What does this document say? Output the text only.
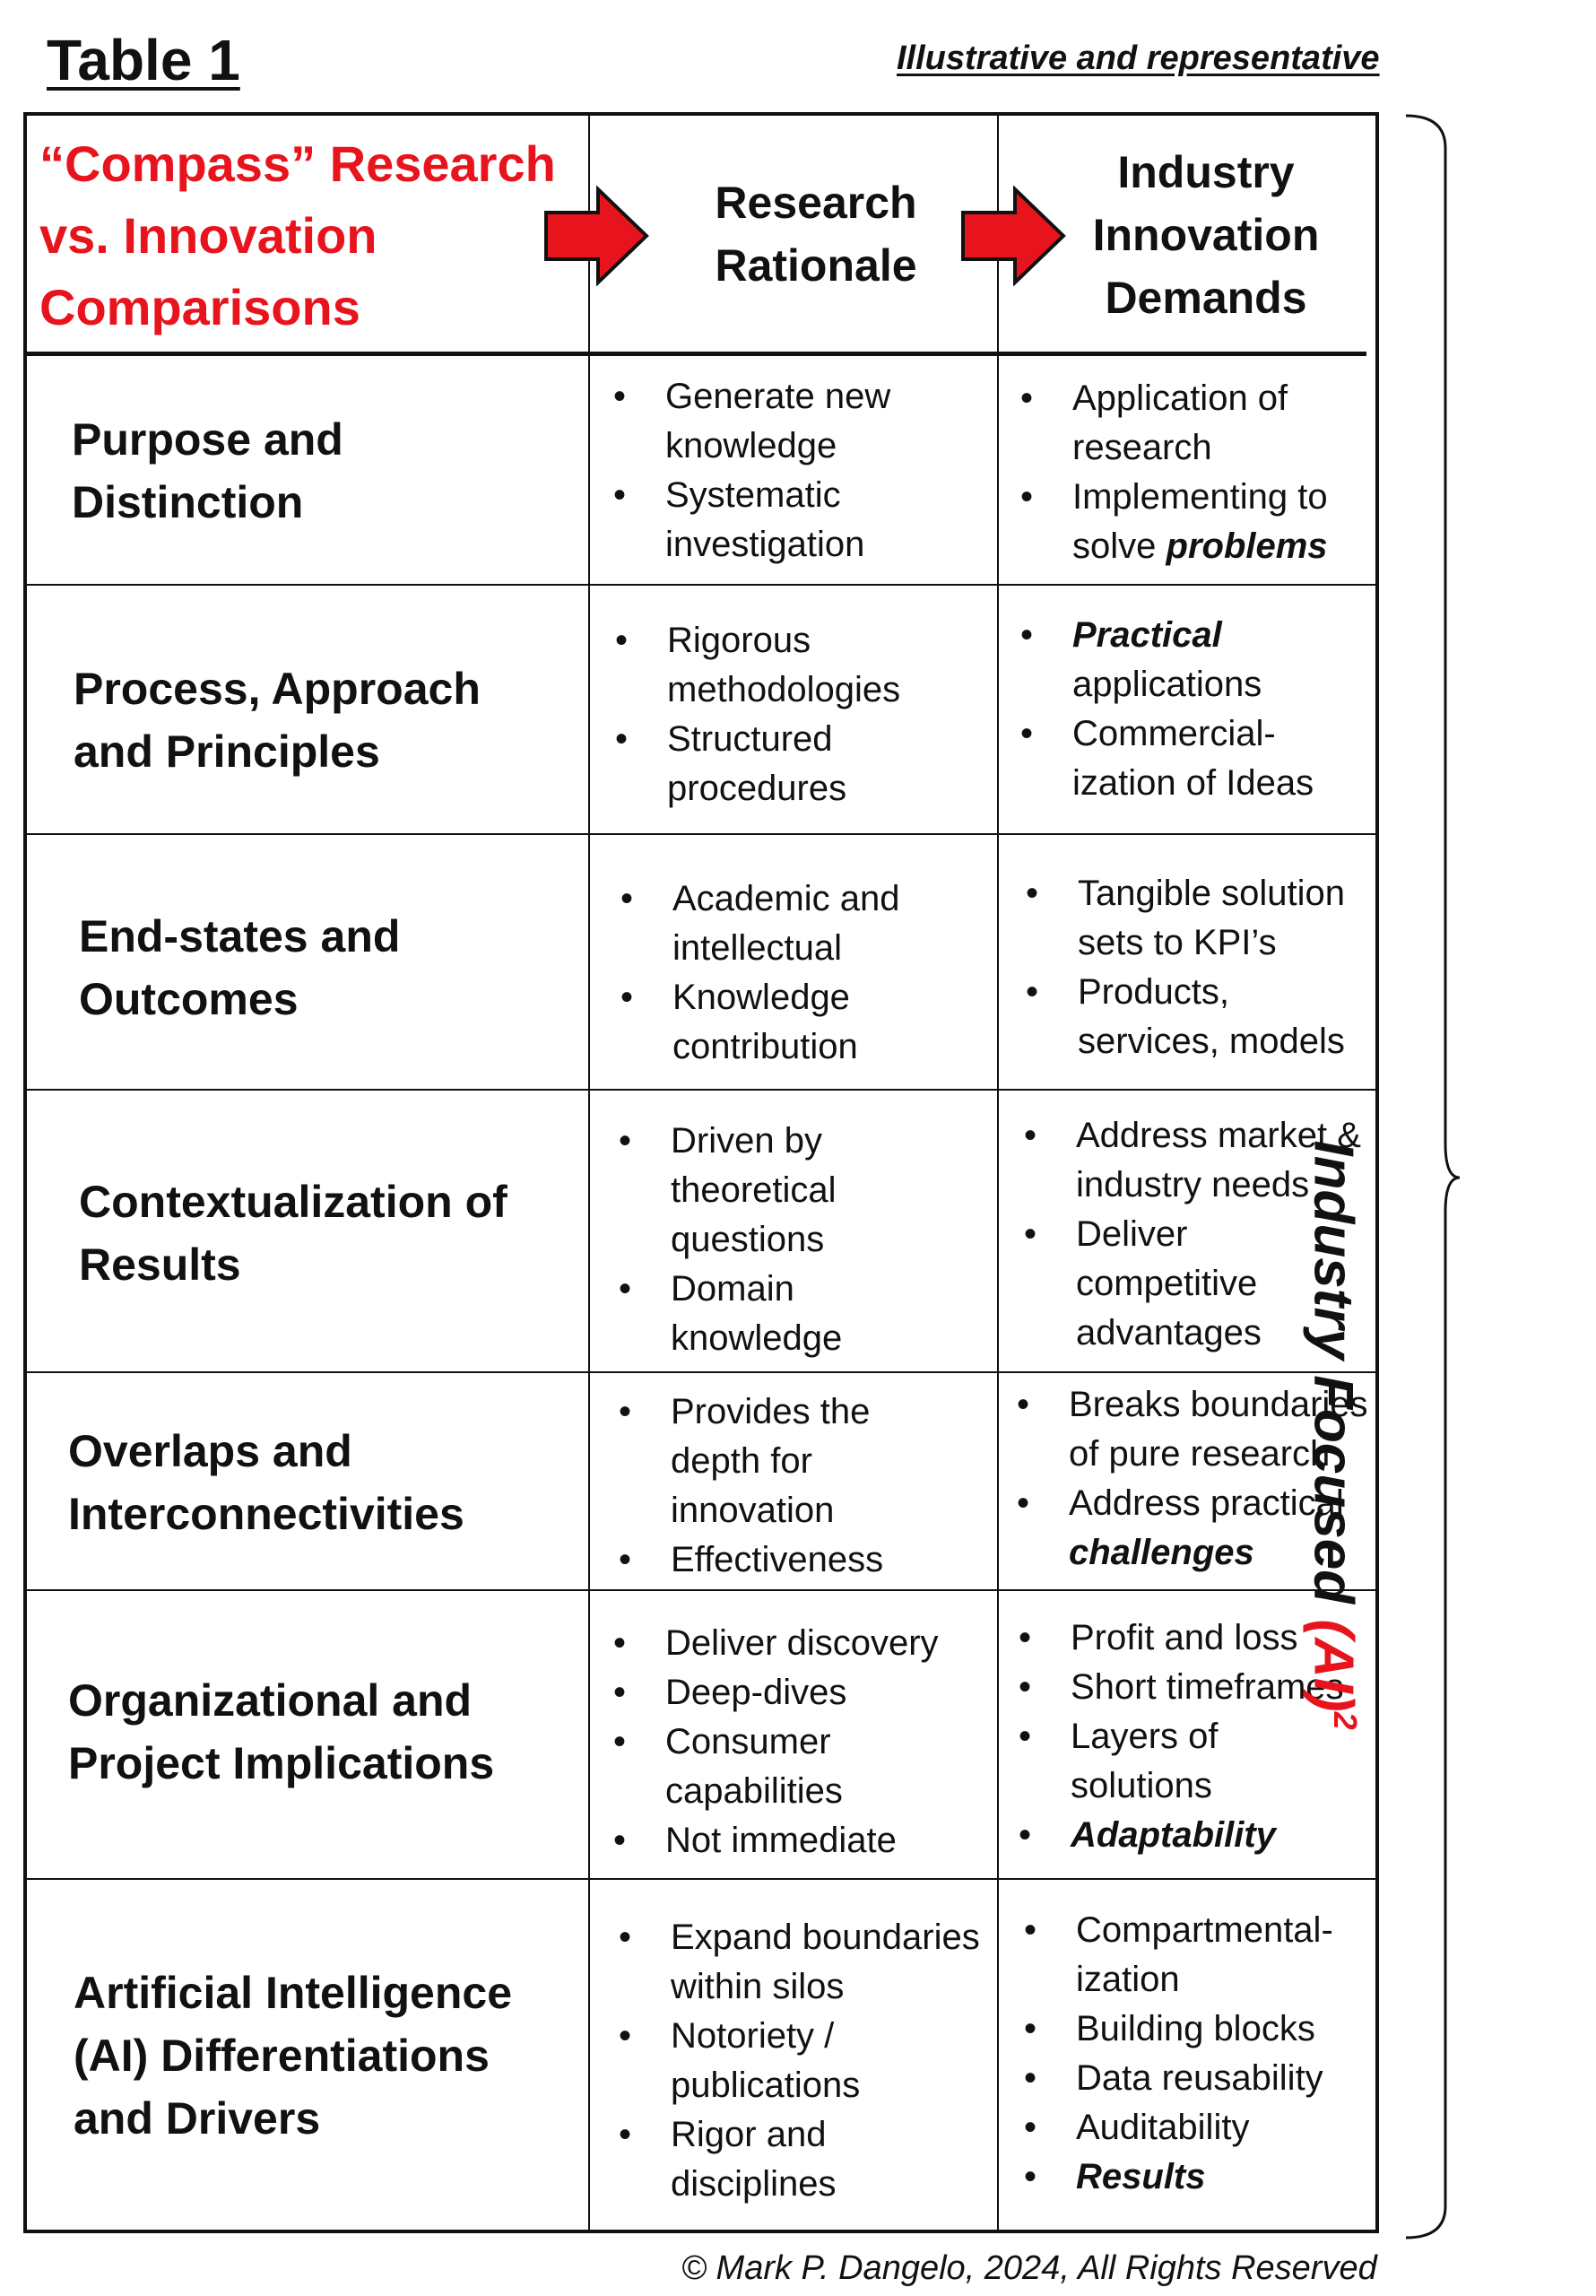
Table 1	Illustrative and representative
“Compass” Research
vs. Innovation
Comparisons
Research
Rationale
Industry
Innovation
Demands
Purpose and
Distinction
• Generate new
knowledge
• Systematic
investigation
• Application of
research
• Implementing to
solve problems
Process, Approach
and Principles
• Rigorous
methodologies
• Structured
procedures
• Practical
applications
• Commercial-
ization of Ideas
End-states and
Outcomes
• Academic and
intellectual
• Knowledge
contribution
• Tangible solution
sets to KPI’s
• Products,
services, models
Contextualization of
Results
• Driven by
theoretical
questions
• Domain
knowledge
• Address market &
industry needs
• Deliver
competitive
advantages
Overlaps and
Interconnectivities
• Provides the
depth for
innovation
• Effectiveness
• Breaks boundaries
of pure research
• Address practical
challenges
Organizational and
Project Implications
• Deliver discovery
• Deep-dives
• Consumer
capabilities
• Not immediate
• Profit and loss
• Short timeframes
• Layers of
solutions
• Adaptability
Artificial Intelligence
(AI) Differentiations
and Drivers
• Expand boundaries
within silos
• Notoriety /
publications
• Rigor and
disciplines
• Compartmental-
ization
• Building blocks
• Data reusability
• Auditability
• Results
Industry Focused (AI)$^2$
© Mark P. Dangelo, 2024, All Rights Reserved
